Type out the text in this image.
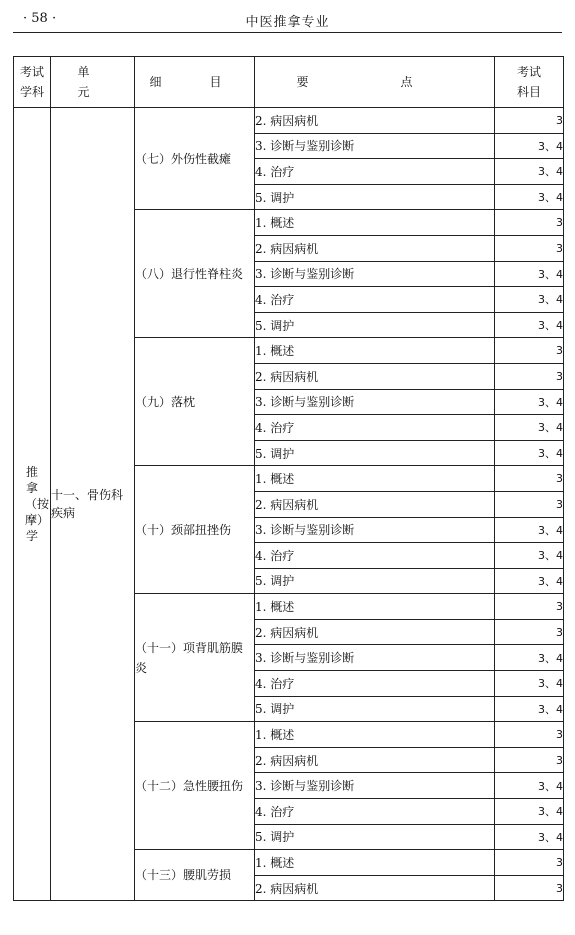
· 58 ·	中医推拿专业
考试学科	单　元	细　目	要　点	考试科目
推拿（按摩）学	十一、骨伤科疾病	（七）外伤性截瘫	2. 病因病机	3
			3. 诊断与鉴别诊断	3、4
			4. 治疗	3、4
			5. 调护	3、4
		（八）退行性脊柱炎	1. 概述	3
			2. 病因病机	3
			3. 诊断与鉴别诊断	3、4
			4. 治疗	3、4
			5. 调护	3、4
		（九）落枕	1. 概述	3
			2. 病因病机	3
			3. 诊断与鉴别诊断	3、4
			4. 治疗	3、4
			5. 调护	3、4
		（十）颈部扭挫伤	1. 概述	3
			2. 病因病机	3
			3. 诊断与鉴别诊断	3、4
			4. 治疗	3、4
			5. 调护	3、4
		（十一）项背肌筋膜炎	1. 概述	3
			2. 病因病机	3
			3. 诊断与鉴别诊断	3、4
			4. 治疗	3、4
			5. 调护	3、4
		（十二）急性腰扭伤	1. 概述	3
			2. 病因病机	3
			3. 诊断与鉴别诊断	3、4
			4. 治疗	3、4
			5. 调护	3、4
		（十三）腰肌劳损	1. 概述	3
			2. 病因病机	3
